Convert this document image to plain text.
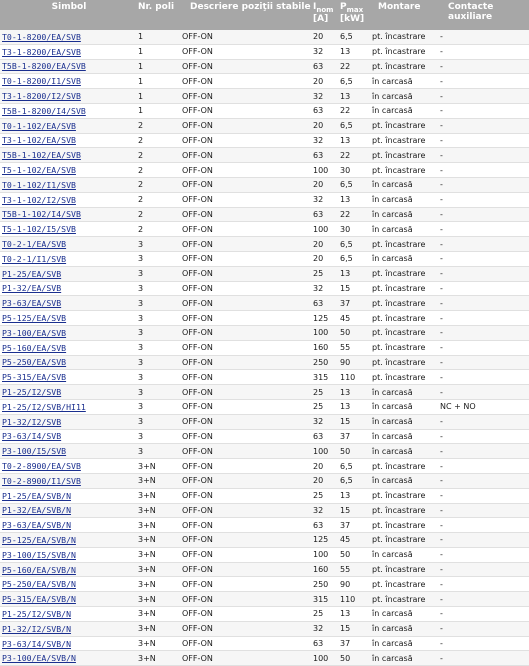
Simbol	Nr. poli	Descriere poziţii stabile	$I_{nom}$
[A]	$P_{max}$
[kW]	Montare	Contacte auxiliare

T0-1-8200/EA/SVB	1	OFF-ON	20	6,5	pt. încastrare	-
T3-1-8200/EA/SVB	1	OFF-ON	32	13	pt. încastrare	-
T5B-1-8200/EA/SVB	1	OFF-ON	63	22	pt. încastrare	-
T0-1-8200/I1/SVB	1	OFF-ON	20	6,5	în carcasă	-
T3-1-8200/I2/SVB	1	OFF-ON	32	13	în carcasă	-
T5B-1-8200/I4/SVB	1	OFF-ON	63	22	în carcasă	-
T0-1-102/EA/SVB	2	OFF-ON	20	6,5	pt. încastrare	-
T3-1-102/EA/SVB	2	OFF-ON	32	13	pt. încastrare	-
T5B-1-102/EA/SVB	2	OFF-ON	63	22	pt. încastrare	-
T5-1-102/EA/SVB	2	OFF-ON	100	30	pt. încastrare	-
T0-1-102/I1/SVB	2	OFF-ON	20	6,5	în carcasă	-
T3-1-102/I2/SVB	2	OFF-ON	32	13	în carcasă	-
T5B-1-102/I4/SVB	2	OFF-ON	63	22	în carcasă	-
T5-1-102/I5/SVB	2	OFF-ON	100	30	în carcasă	-
T0-2-1/EA/SVB	3	OFF-ON	20	6,5	pt. încastrare	-
T0-2-1/I1/SVB	3	OFF-ON	20	6,5	în carcasă	-
P1-25/EA/SVB	3	OFF-ON	25	13	pt. încastrare	-
P1-32/EA/SVB	3	OFF-ON	32	15	pt. încastrare	-
P3-63/EA/SVB	3	OFF-ON	63	37	pt. încastrare	-
P5-125/EA/SVB	3	OFF-ON	125	45	pt. încastrare	-
P3-100/EA/SVB	3	OFF-ON	100	50	pt. încastrare	-
P5-160/EA/SVB	3	OFF-ON	160	55	pt. încastrare	-
P5-250/EA/SVB	3	OFF-ON	250	90	pt. încastrare	-
P5-315/EA/SVB	3	OFF-ON	315	110	pt. încastrare	-
P1-25/I2/SVB	3	OFF-ON	25	13	în carcasă	-
P1-25/I2/SVB/HI11	3	OFF-ON	25	13	în carcasă	NC + NO
P1-32/I2/SVB	3	OFF-ON	32	15	în carcasă	-
P3-63/I4/SVB	3	OFF-ON	63	37	în carcasă	-
P3-100/I5/SVB	3	OFF-ON	100	50	în carcasă	-
T0-2-8900/EA/SVB	3+N	OFF-ON	20	6,5	pt. încastrare	-
T0-2-8900/I1/SVB	3+N	OFF-ON	20	6,5	în carcasă	-
P1-25/EA/SVB/N	3+N	OFF-ON	25	13	pt. încastrare	-
P1-32/EA/SVB/N	3+N	OFF-ON	32	15	pt. încastrare	-
P3-63/EA/SVB/N	3+N	OFF-ON	63	37	pt. încastrare	-
P5-125/EA/SVB/N	3+N	OFF-ON	125	45	pt. încastrare	-
P3-100/I5/SVB/N	3+N	OFF-ON	100	50	în carcasă	-
P5-160/EA/SVB/N	3+N	OFF-ON	160	55	pt. încastrare	-
P5-250/EA/SVB/N	3+N	OFF-ON	250	90	pt. încastrare	-
P5-315/EA/SVB/N	3+N	OFF-ON	315	110	pt. încastrare	-
P1-25/I2/SVB/N	3+N	OFF-ON	25	13	în carcasă	-
P1-32/I2/SVB/N	3+N	OFF-ON	32	15	în carcasă	-
P3-63/I4/SVB/N	3+N	OFF-ON	63	37	în carcasă	-
P3-100/EA/SVB/N	3+N	OFF-ON	100	50	în carcasă	-
